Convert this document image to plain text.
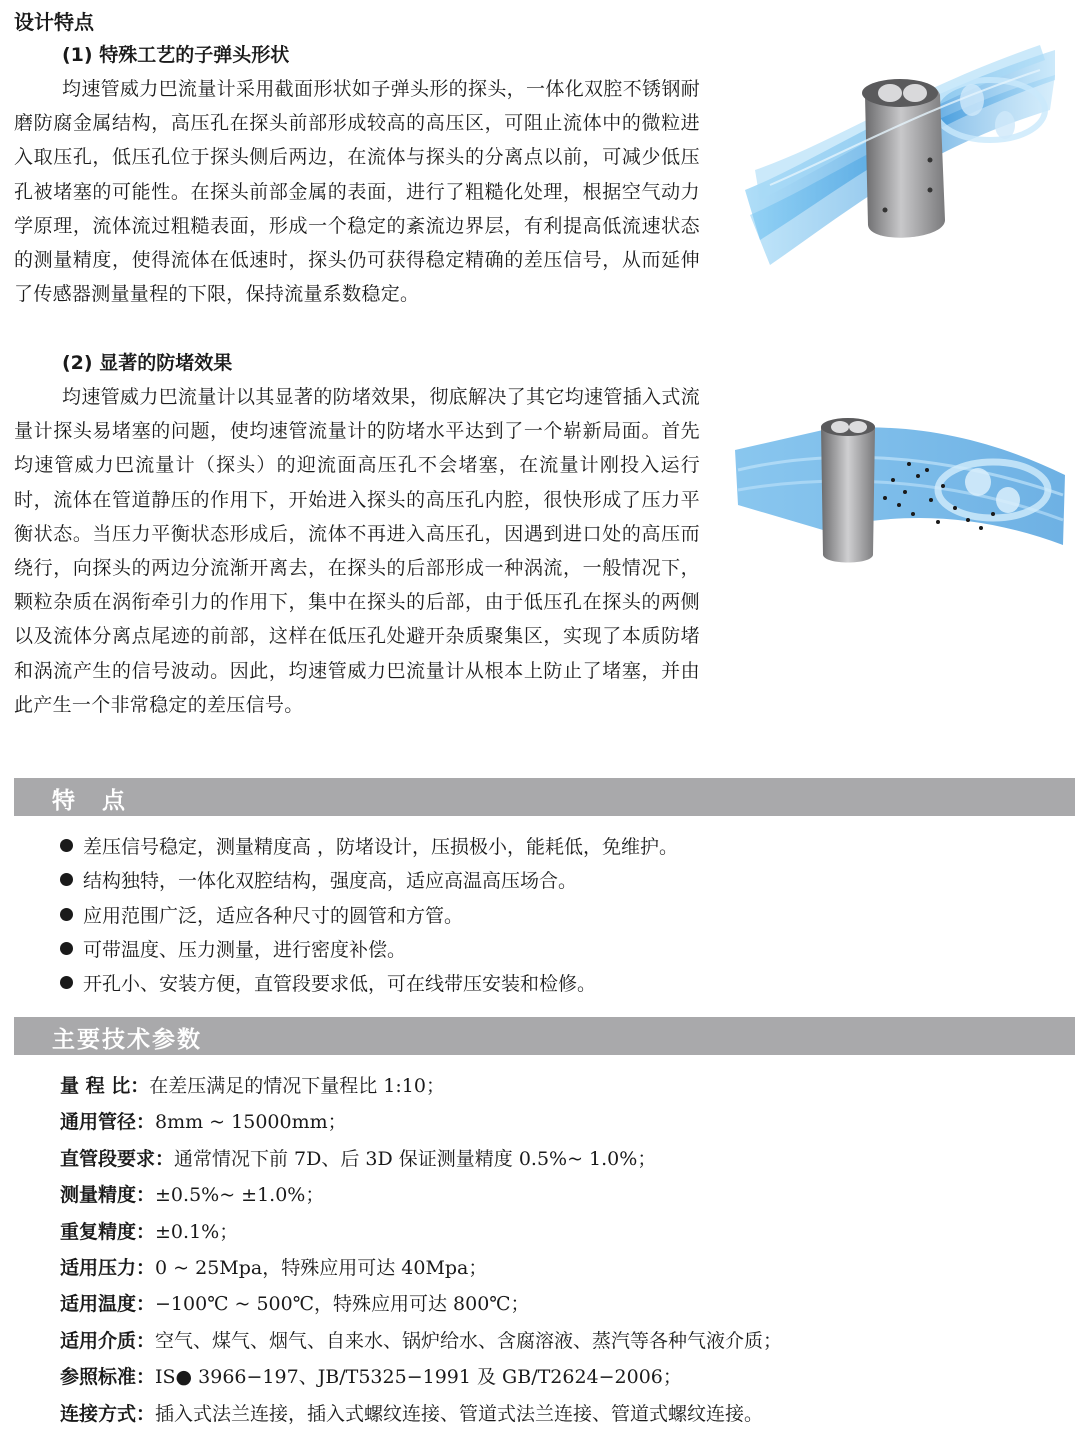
设计特点
(1) 特殊工艺的子弹头形状

均速管威力巴流量计采用截面形状如子弹头形的探头，一体化双腔不锈钢耐磨防腐金属结构，高压孔在探头前部形成较高的高压区，可阻止流体中的微粒进入取压孔，低压孔位于探头侧后两边，在流体与探头的分离点以前，可减少低压孔被堵塞的可能性。在探头前部金属的表面，进行了粗糙化处理，根据空气动力学原理，流体流过粗糙表面，形成一个稳定的紊流边界层，有利提高低流速状态的测量精度，使得流体在低速时，探头仍可获得稳定精确的差压信号，从而延伸了传感器测量量程的下限，保持流量系数稳定。

(2) 显著的防堵效果

均速管威力巴流量计以其显著的防堵效果，彻底解决了其它均速管插入式流量计探头易堵塞的问题，使均速管流量计的防堵水平达到了一个崭新局面。首先均速管威力巴流量计（探头）的迎流面高压孔不会堵塞，在流量计刚投入运行时，流体在管道静压的作用下，开始进入探头的高压孔内腔，很快形成了压力平衡状态。当压力平衡状态形成后，流体不再进入高压孔，因遇到进口处的高压而绕行，向探头的两边分流渐开离去，在探头的后部形成一种涡流，一般情况下，颗粒杂质在涡衔牵引力的作用下，集中在探头的后部，由于低压孔在探头的两侧以及流体分离点尾迹的前部，这样在低压孔处避开杂质聚集区，实现了本质防堵和涡流产生的信号波动。因此，均速管威力巴流量计从根本上防止了堵塞，并由此产生一个非常稳定的差压信号。

特　点
差压信号稳定，测量精度高 ，防堵设计，压损极小，能耗低，免维护。
结构独特，一体化双腔结构，强度高，适应高温高压场合。
应用范围广泛，适应各种尺寸的圆管和方管。
可带温度、压力测量，进行密度补偿。
开孔小、安装方便，直管段要求低，可在线带压安装和检修。
主要技术参数
量 程 比：在差压满足的情况下量程比 1:10；
通用管径：8mm ~ 15000mm；
直管段要求：通常情况下前 7D、后 3D 保证测量精度 0.5%~ 1.0%；
测量精度：±0.5%~ ±1.0%；
重复精度：±0.1%；
适用压力：0 ~ 25Mpa，特殊应用可达 40Mpa；
适用温度：−100℃ ~ 500℃，特殊应用可达 800℃；
适用介质：空气、煤气、烟气、自来水、锅炉给水、含腐溶液、蒸汽等各种气液介质；
参照标准：IS● 3966−197、JB/T5325−1991 及 GB/T2624−2006；
连接方式：插入式法兰连接，插入式螺纹连接、管道式法兰连接、管道式螺纹连接。
